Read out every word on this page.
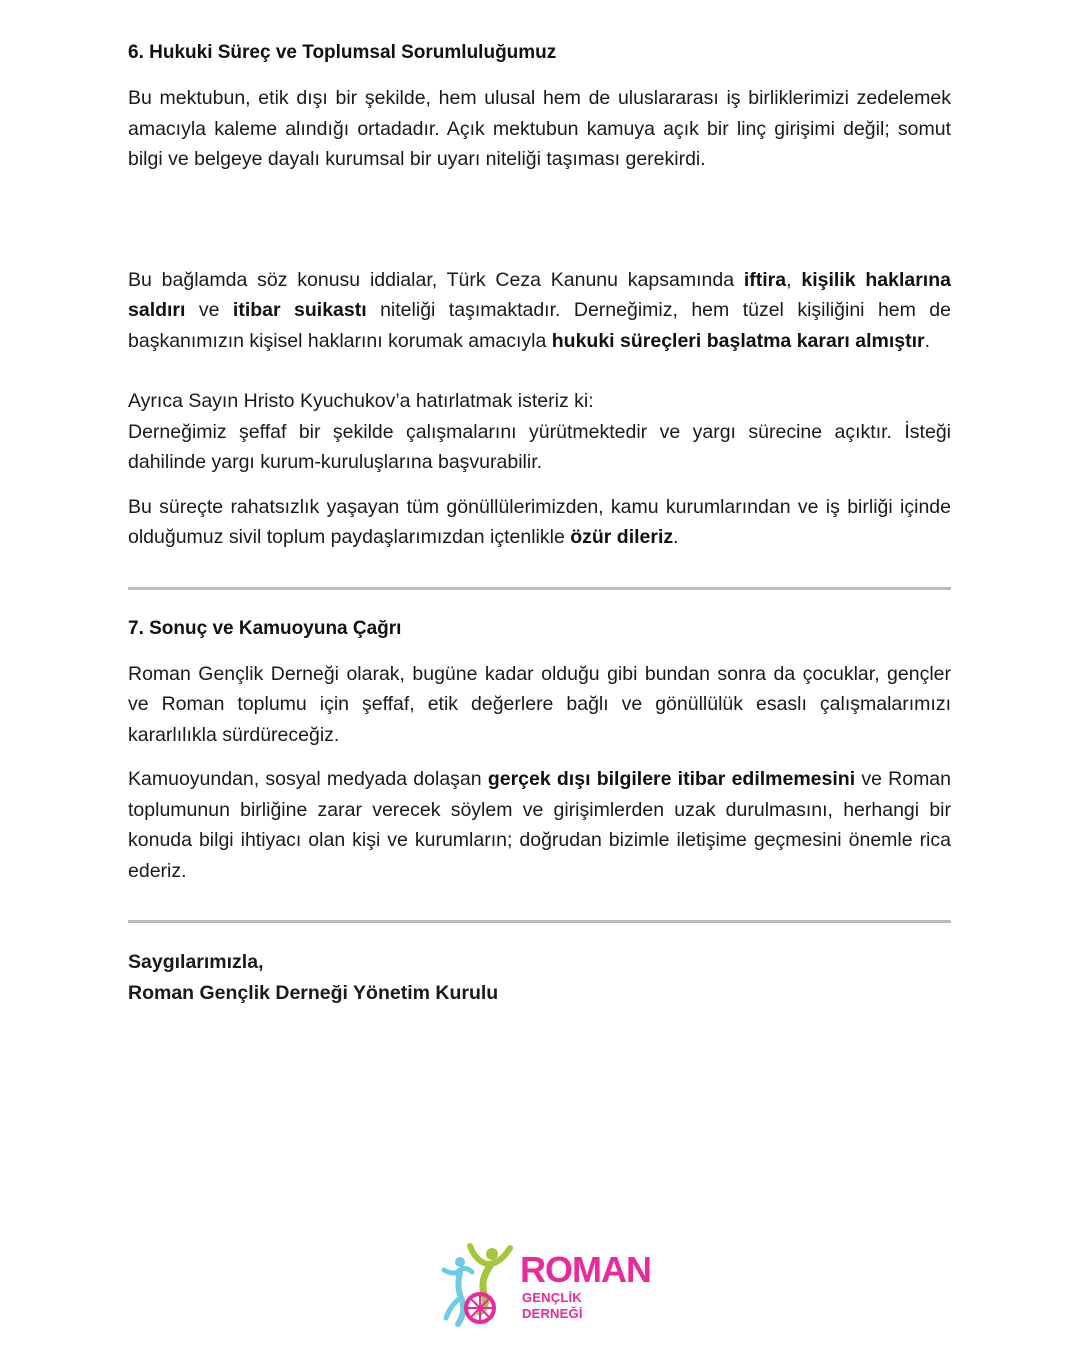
6. Hukuki Süreç ve Toplumsal Sorumluluğumuz

Bu mektubun, etik dışı bir şekilde, hem ulusal hem de uluslararası iş birliklerimizi zedelemek amacıyla kaleme alındığı ortadadır. Açık mektubun kamuya açık bir linç girişimi değil; somut bilgi ve belgeye dayalı kurumsal bir uyarı niteliği taşıması gerekirdi.

Bu bağlamda söz konusu iddialar, Türk Ceza Kanunu kapsamında iftira, kişilik haklarına saldırı ve itibar suikastı niteliği taşımaktadır. Derneğimiz, hem tüzel kişiliğini hem de başkanımızın kişisel haklarını korumak amacıyla hukuki süreçleri başlatma kararı almıştır.

Ayrıca Sayın Hristo Kyuchukov’a hatırlatmak isteriz ki:

Derneğimiz şeffaf bir şekilde çalışmalarını yürütmektedir ve yargı sürecine açıktır. İsteği dahilinde yargı kurum-kuruluşlarına başvurabilir.

Bu süreçte rahatsızlık yaşayan tüm gönüllülerimizden, kamu kurumlarından ve iş birliği içinde olduğumuz sivil toplum paydaşlarımızdan içtenlikle özür dileriz.

7. Sonuç ve Kamuoyuna Çağrı

Roman Gençlik Derneği olarak, bugüne kadar olduğu gibi bundan sonra da çocuklar, gençler ve Roman toplumu için şeffaf, etik değerlere bağlı ve gönüllülük esaslı çalışmalarımızı kararlılıkla sürdüreceğiz.

Kamuoyundan, sosyal medyada dolaşan gerçek dışı bilgilere itibar edilmemesini ve Roman toplumunun birliğine zarar verecek söylem ve girişimlerden uzak durulmasını, herhangi bir konuda bilgi ihtiyacı olan kişi ve kurumların; doğrudan bizimle iletişime geçmesini önemle rica ederiz.

Saygılarımızla,

Roman Gençlik Derneği Yönetim Kurulu

ROMAN
GENÇLİK DERNEĞİ
